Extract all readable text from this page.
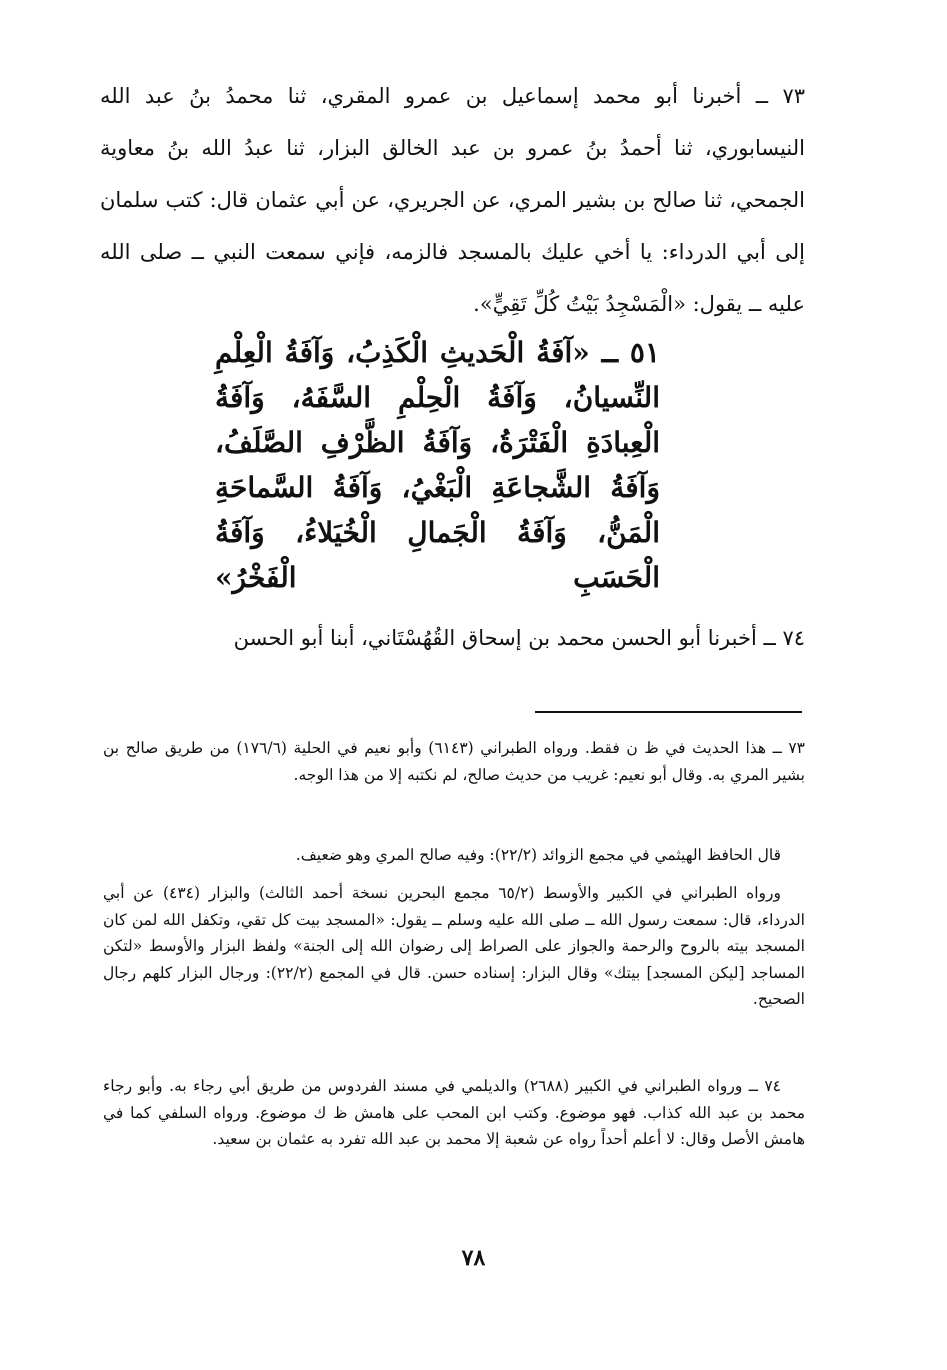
٧٣ ــ أخبرنا أبو محمد إسماعيل بن عمرو المقري، ثنا محمدُ بنُ عبد الله النيسابوري، ثنا أحمدُ بنُ عمرو بن عبد الخالق البزار، ثنا عبدُ الله بنُ معاوية الجمحي، ثنا صالح بن بشير المري، عن الجريري، عن أبي عثمان قال: كتب سلمان إلى أبي الدرداء: يا أخي عليك بالمسجد فالزمه، فإني سمعت النبي ــ صلى الله عليه ــ يقول: «الْمَسْجِدُ بَيْتُ كُلِّ تَقِيٍّ».

٥١ ــ «آفَةُ الْحَديثِ الْكَذِبُ، وَآفَةُ الْعِلْمِ النِّسيانُ، وَآفَةُ الْحِلْمِ السَّفَهُ، وَآفَةُ الْعِبادَةِ الْفَتْرَةُ، وَآفَةُ الظَّرْفِ الصَّلَفُ، وَآفَةُ الشَّجاعَةِ الْبَغْيُ، وَآفَةُ السَّماحَةِ الْمَنُّ، وَآفَةُ الْجَمالِ الْخُيَلاءُ، وَآفَةُ الْحَسَبِ الْفَخْرُ»

٧٤ ــ أخبرنا أبو الحسن محمد بن إسحاق القُهُسْتَاني، أبنا أبو الحسن

٧٣ ــ هذا الحديث في ظ ن فقط. ورواه الطبراني (٦١٤٣) وأبو نعيم في الحلية (١٧٦/٦) من طريق صالح بن بشير المري به. وقال أبو نعيم: غريب من حديث صالح، لم نكتبه إلا من هذا الوجه.

قال الحافظ الهيثمي في مجمع الزوائد (٢٢/٢): وفيه صالح المري وهو ضعيف.

ورواه الطبراني في الكبير والأوسط (٦٥/٢ مجمع البحرين نسخة أحمد الثالث) والبزار (٤٣٤) عن أبي الدرداء، قال: سمعت رسول الله ــ صلى الله عليه وسلم ــ يقول: «المسجد بيت كل تقي، وتكفل الله لمن كان المسجد بيته بالروح والرحمة والجواز على الصراط إلى رضوان الله إلى الجنة» ولفظ البزار والأوسط «لتكن المساجد [ليكن المسجد] بيتك» وقال البزار: إسناده حسن. قال في المجمع (٢٢/٢): ورجال البزار كلهم رجال الصحيح.

٧٤ ــ ورواه الطبراني في الكبير (٢٦٨٨) والديلمي في مسند الفردوس من طريق أبي رجاء به. وأبو رجاء محمد بن عبد الله كذاب. فهو موضوع. وكتب ابن المحب على هامش ظ ك موضوع. ورواه السلفي كما في هامش الأصل وقال: لا أعلم أحداً رواه عن شعبة إلا محمد بن عبد الله تفرد به عثمان بن سعيد.

٧٨
